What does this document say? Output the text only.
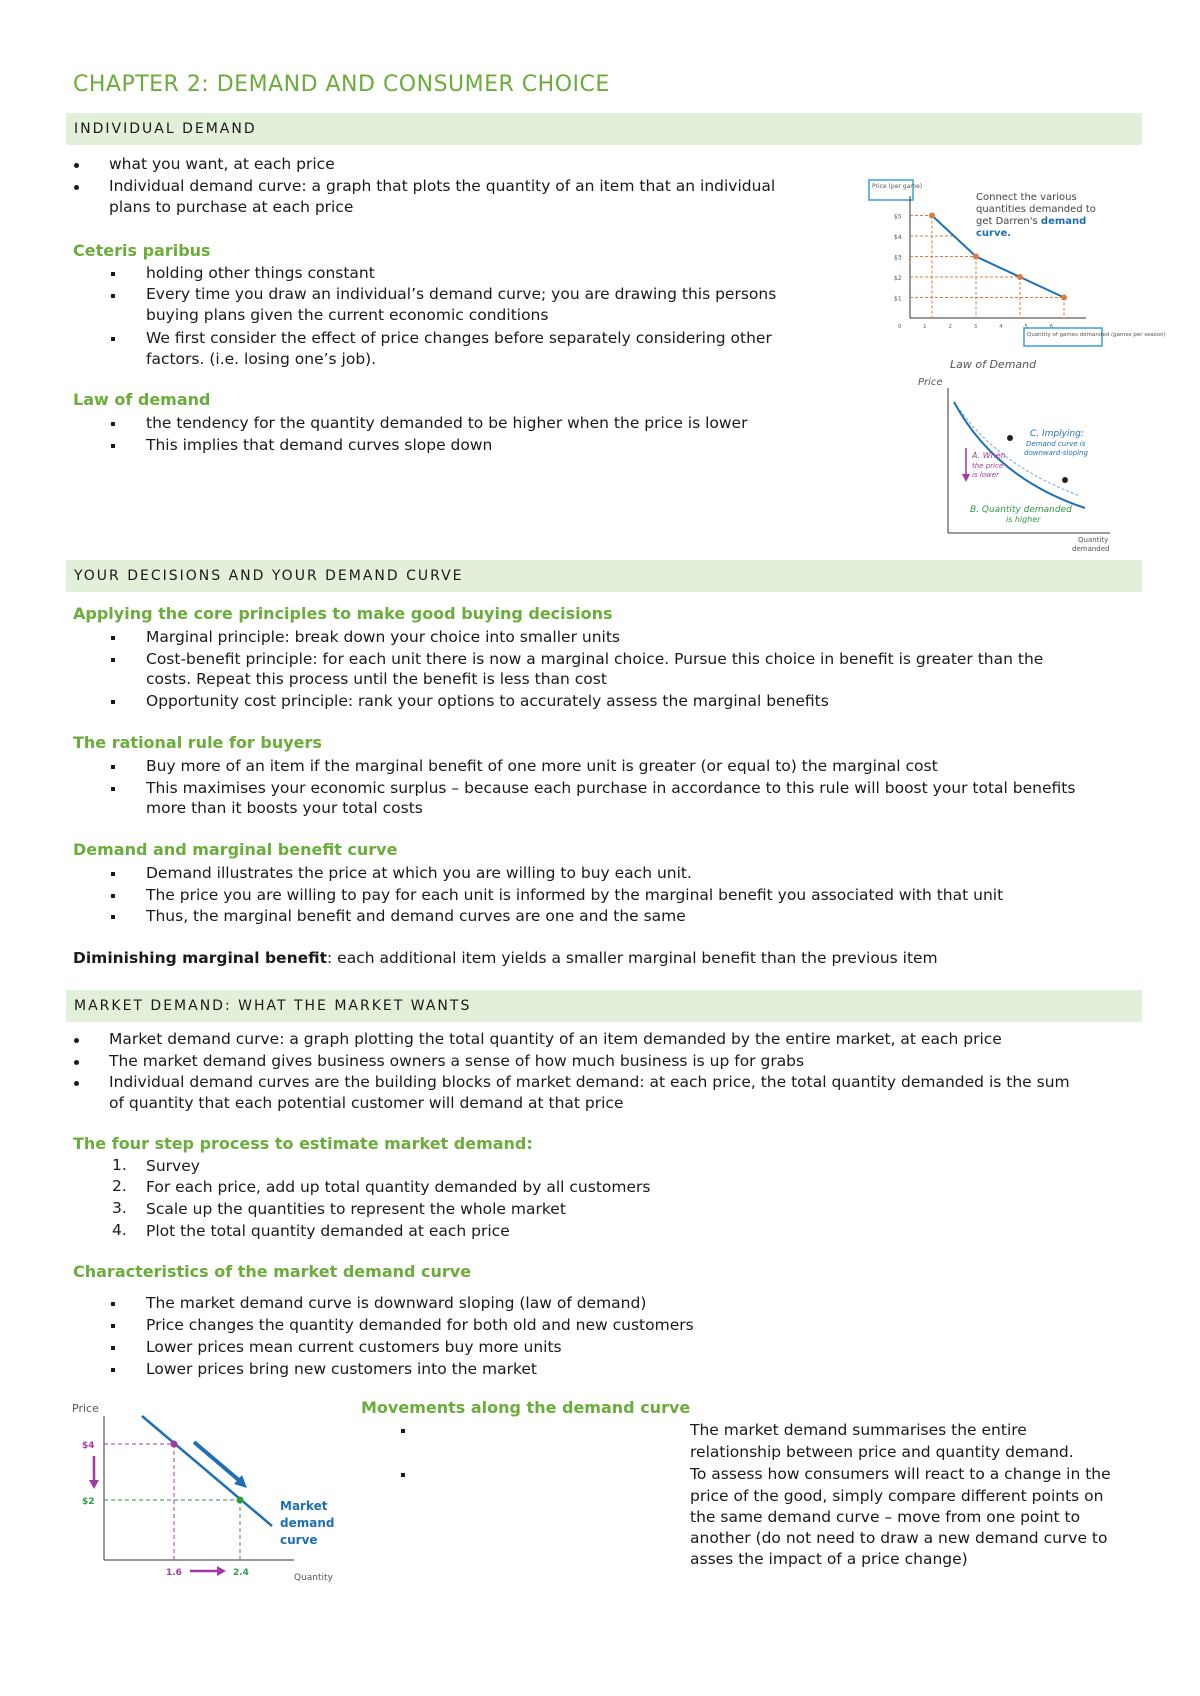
CHAPTER 2: DEMAND AND CONSUMER CHOICE
INDIVIDUAL DEMAND
what you want, at each price
Individual demand curve: a graph that plots the quantity of an item that an individual
plans to purchase at each price
Ceteris paribus
holding other things constant
Every time you draw an individual’s demand curve; you are drawing this persons
buying plans given the current economic conditions
We first consider the effect of price changes before separately considering other
factors. (i.e. losing one’s job).
Law of demand
the tendency for the quantity demanded to be higher when the price is lower
This implies that demand curves slope down
Price (per game)
$5
$4
$3
$2
$1
0	1	2	3	4	5	6
Connect the various
quantities demanded to
get Darren's demand
curve.
Quantity of games demanded (games per season)
Law of Demand
Price
C. Implying:
Demand curve is
downward-sloping
A. When
the price
is lower
B. Quantity demanded
is higher
Quantity
demanded
YOUR DECISIONS AND YOUR DEMAND CURVE
Applying the core principles to make good buying decisions
Marginal principle: break down your choice into smaller units
Cost-benefit principle: for each unit there is now a marginal choice. Pursue this choice in benefit is greater than the
costs. Repeat this process until the benefit is less than cost
Opportunity cost principle: rank your options to accurately assess the marginal benefits
The rational rule for buyers
Buy more of an item if the marginal benefit of one more unit is greater (or equal to) the marginal cost
This maximises your economic surplus – because each purchase in accordance to this rule will boost your total benefits
more than it boosts your total costs
Demand and marginal benefit curve
Demand illustrates the price at which you are willing to buy each unit.
The price you are willing to pay for each unit is informed by the marginal benefit you associated with that unit
Thus, the marginal benefit and demand curves are one and the same
Diminishing marginal benefit: each additional item yields a smaller marginal benefit than the previous item
MARKET DEMAND: WHAT THE MARKET WANTS
Market demand curve: a graph plotting the total quantity of an item demanded by the entire market, at each price
The market demand gives business owners a sense of how much business is up for grabs
Individual demand curves are the building blocks of market demand: at each price, the total quantity demanded is the sum
of quantity that each potential customer will demand at that price
The four step process to estimate market demand:
1. Survey
2. For each price, add up total quantity demanded by all customers
3. Scale up the quantities to represent the whole market
4. Plot the total quantity demanded at each price
Characteristics of the market demand curve
The market demand curve is downward sloping (law of demand)
Price changes the quantity demanded for both old and new customers
Lower prices mean current customers buy more units
Lower prices bring new customers into the market
Movements along the demand curve
The market demand summarises the entire
relationship between price and quantity demand.
To assess how consumers will react to a change in the
price of the good, simply compare different points on
the same demand curve – move from one point to
another (do not need to draw a new demand curve to
asses the impact of a price change)
Price
$4
$2
1.6	2.4	Quantity
Market
demand
curve
